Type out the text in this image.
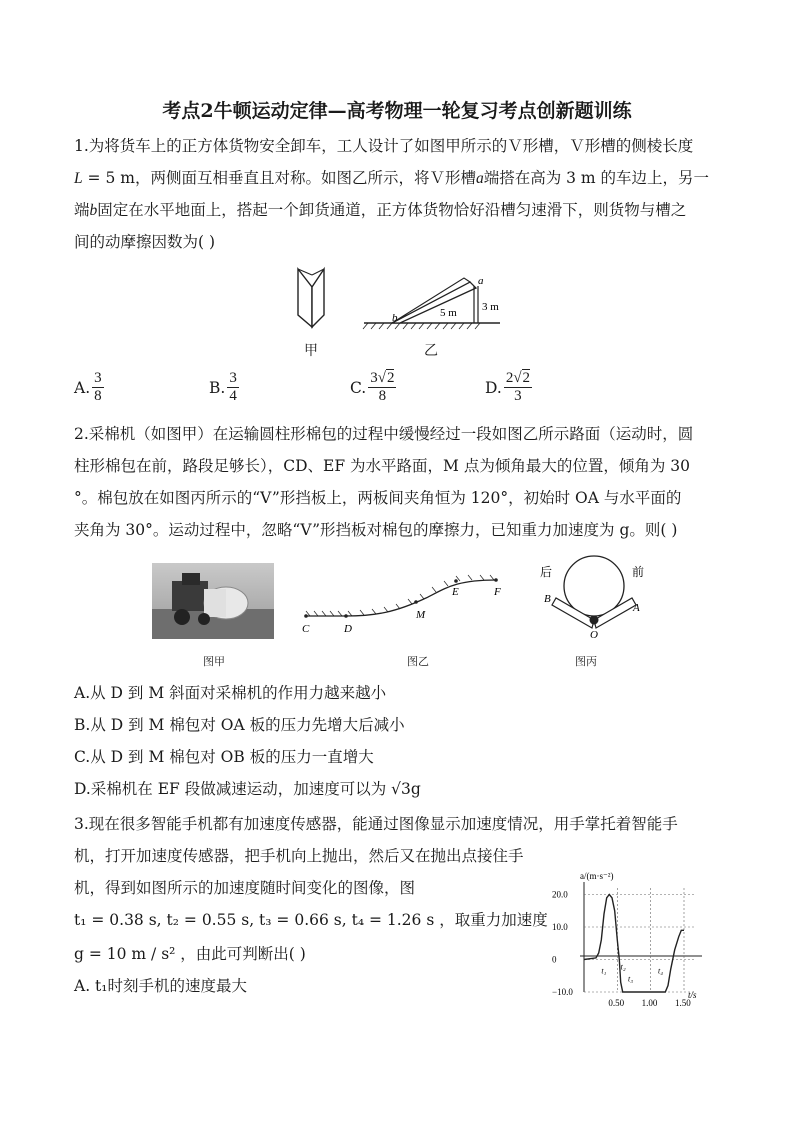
考点2牛顿运动定律—高考物理一轮复习考点创新题训练

1.为将货车上的正方体货物安全卸车，工人设计了如图甲所示的Ｖ形槽，Ｖ形槽的侧棱长度

L = 5 m，两侧面互相垂直且对称。如图乙所示，将Ｖ形槽a端搭在高为 3 m 的车边上，另一

端b固定在水平地面上，搭起一个卸货通道，正方体货物恰好沿槽匀速滑下，则货物与槽之

间的动摩擦因数为( )

甲
b
a
5 m 3 m
乙
A. $\frac{3}{8}$	B. $\frac{3}{4}$	C. $\frac{3√2}{8}$	D. $\frac{2√2}{3}$

2.采棉机（如图甲）在运输圆柱形棉包的过程中缓慢经过一段如图乙所示路面（运动时，圆

柱形棉包在前，路段足够长），CD、EF 为水平路面，M 点为倾角最大的位置，倾角为 30

°。棉包放在如图丙所示的“V”形挡板上，两板间夹角恒为 120°，初始时 OA 与水平面的

夹角为 30°。运动过程中，忽略“V”形挡板对棉包的摩擦力，已知重力加速度为 g。则( )

图甲
C	D
M
E	F
图乙
后	前
B
A
O
图丙

A.从 D 到 M 斜面对采棉机的作用力越来越小

B.从 D 到 M 棉包对 OA 板的压力先增大后减小

C.从 D 到 M 棉包对 OB 板的压力一直增大

D.采棉机在 EF 段做减速运动，加速度可以为 √3g

3.现在很多智能手机都有加速度传感器，能通过图像显示加速度情况，用手掌托着智能手

机，打开加速度传感器，把手机向上抛出，然后又在抛出点接住手

机，得到如图所示的加速度随时间变化的图像，图

t₁ = 0.38 s, t₂ = 0.55 s, t₃ = 0.66 s, t₄ = 1.26 s ，取重力加速度

g = 10 m / s² ，由此可判断出( )

A. t₁时刻手机的速度最大

20.0
10.0
0
−10.0
0.50 1.00 1.50
t₁ t₂
t₃
t₄
a/(m·s⁻²)
t/s
